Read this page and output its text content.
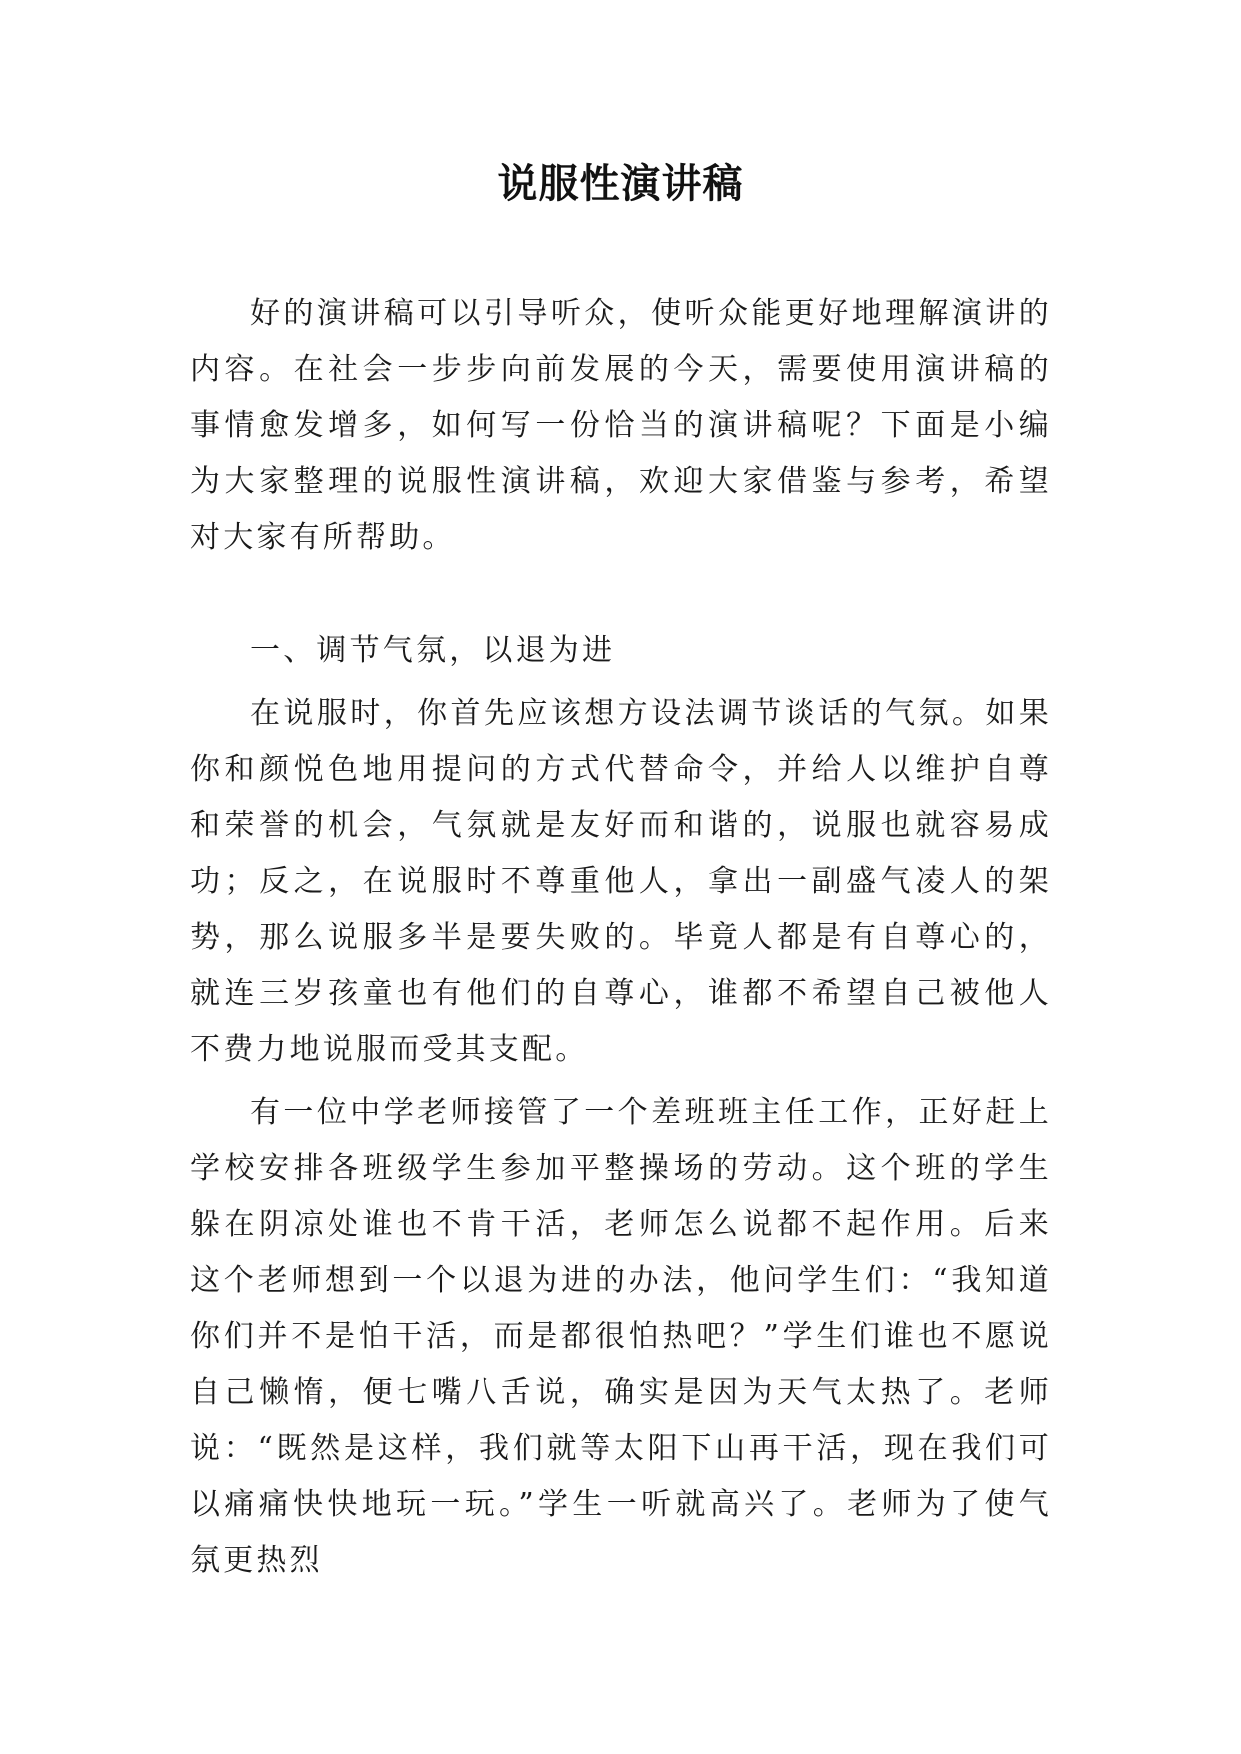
说服性演讲稿

好的演讲稿可以引导听众，使听众能更好地理解演讲的内容。在社会一步步向前发展的今天，需要使用演讲稿的事情愈发增多，如何写一份恰当的演讲稿呢？下面是小编为大家整理的说服性演讲稿，欢迎大家借鉴与参考，希望对大家有所帮助。

一、调节气氛，以退为进

在说服时，你首先应该想方设法调节谈话的气氛。如果你和颜悦色地用提问的方式代替命令，并给人以维护自尊和荣誉的机会，气氛就是友好而和谐的，说服也就容易成功；反之，在说服时不尊重他人，拿出一副盛气凌人的架势，那么说服多半是要失败的。毕竟人都是有自尊心的，就连三岁孩童也有他们的自尊心，谁都不希望自己被他人不费力地说服而受其支配。

有一位中学老师接管了一个差班班主任工作，正好赶上学校安排各班级学生参加平整操场的劳动。这个班的学生躲在阴凉处谁也不肯干活，老师怎么说都不起作用。后来这个老师想到一个以退为进的办法，他问学生们：“我知道你们并不是怕干活，而是都很怕热吧？”学生们谁也不愿说自己懒惰，便七嘴八舌说，确实是因为天气太热了。老师说：“既然是这样，我们就等太阳下山再干活，现在我们可以痛痛快快地玩一玩。”学生一听就高兴了。老师为了使气氛更热烈
